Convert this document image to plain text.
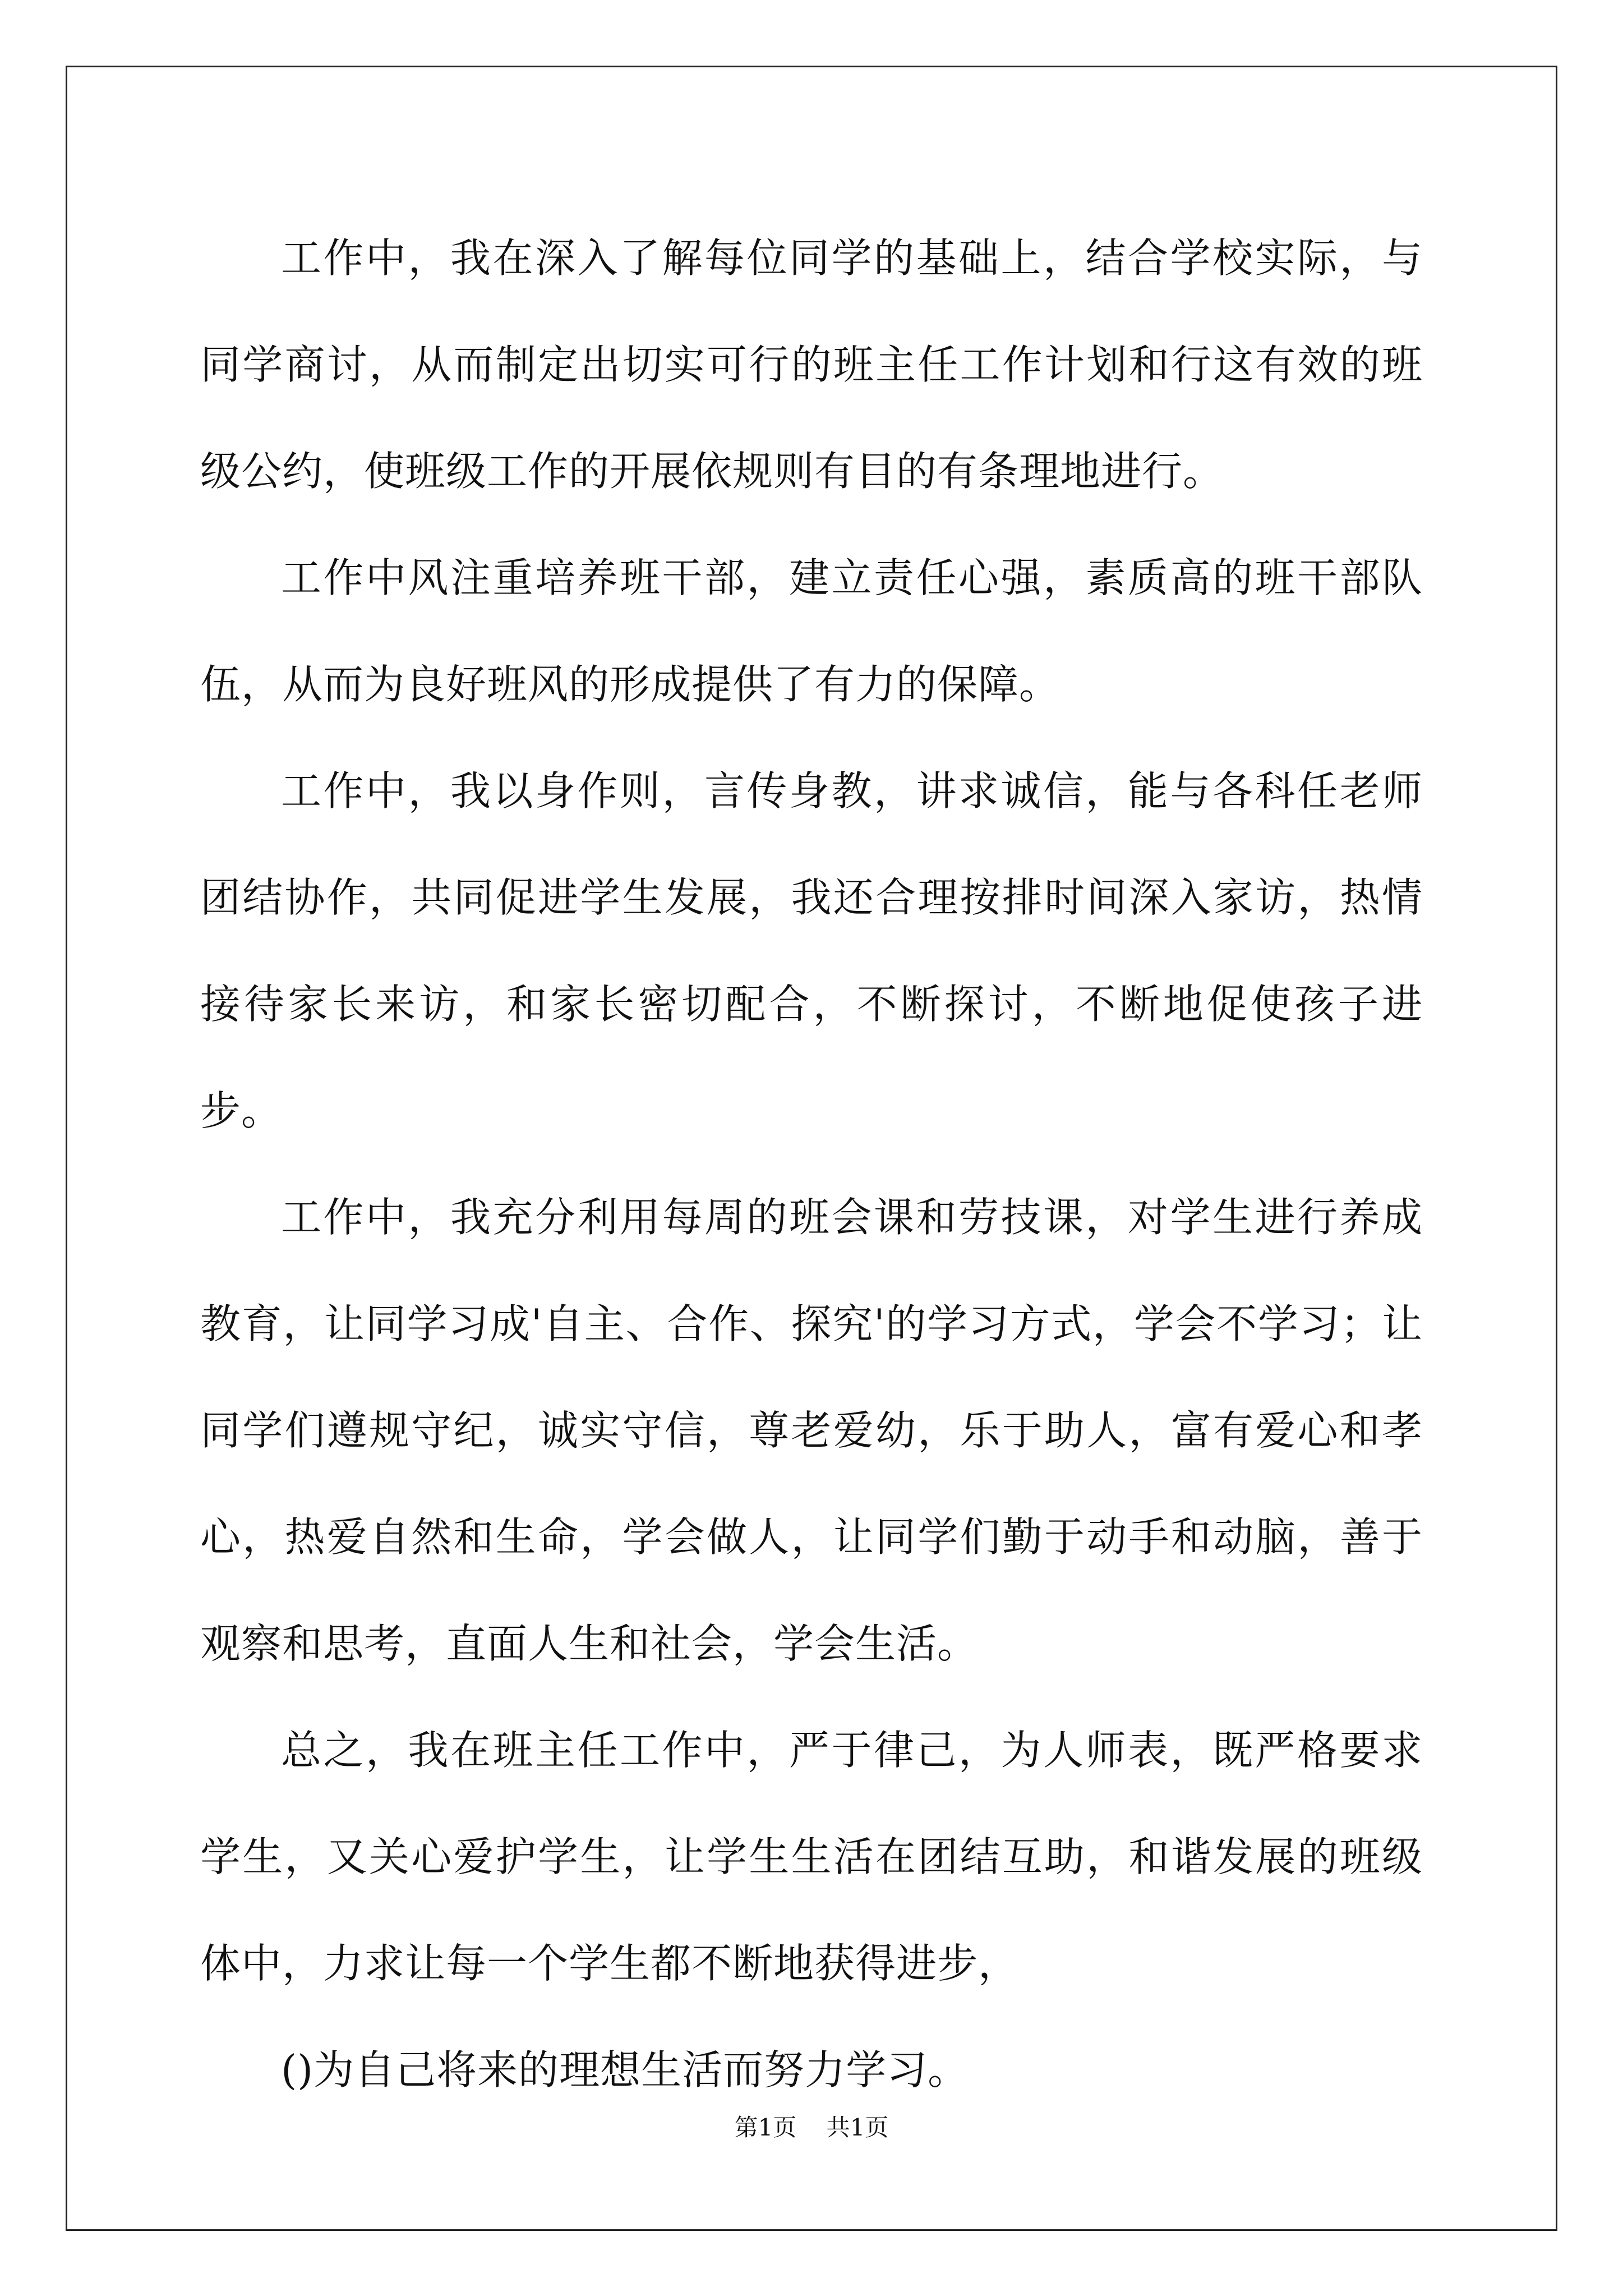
工作中，我在深入了解每位同学的基础上，结合学校实际，与同学商讨，从而制定出切实可行的班主任工作计划和行这有效的班级公约，使班级工作的开展依规则有目的有条理地进行。

工作中风注重培养班干部，建立责任心强，素质高的班干部队伍，从而为良好班风的形成提供了有力的保障。

工作中，我以身作则，言传身教，讲求诚信，能与各科任老师团结协作，共同促进学生发展，我还合理按排时间深入家访，热情接待家长来访，和家长密切配合，不断探讨，不断地促使孩子进步。

工作中，我充分利用每周的班会课和劳技课，对学生进行养成教育，让同学习成'自主、合作、探究'的学习方式，学会不学习；让同学们遵规守纪，诚实守信，尊老爱幼，乐于助人，富有爱心和孝心，热爱自然和生命，学会做人，让同学们勤于动手和动脑，善于观察和思考，直面人生和社会，学会生活。

总之，我在班主任工作中，严于律己，为人师表，既严格要求学生，又关心爱护学生，让学生生活在团结互助，和谐发展的班级体中，力求让每一个学生都不断地获得进步，

()为自己将来的理想生活而努力学习。

第1页 共1页
